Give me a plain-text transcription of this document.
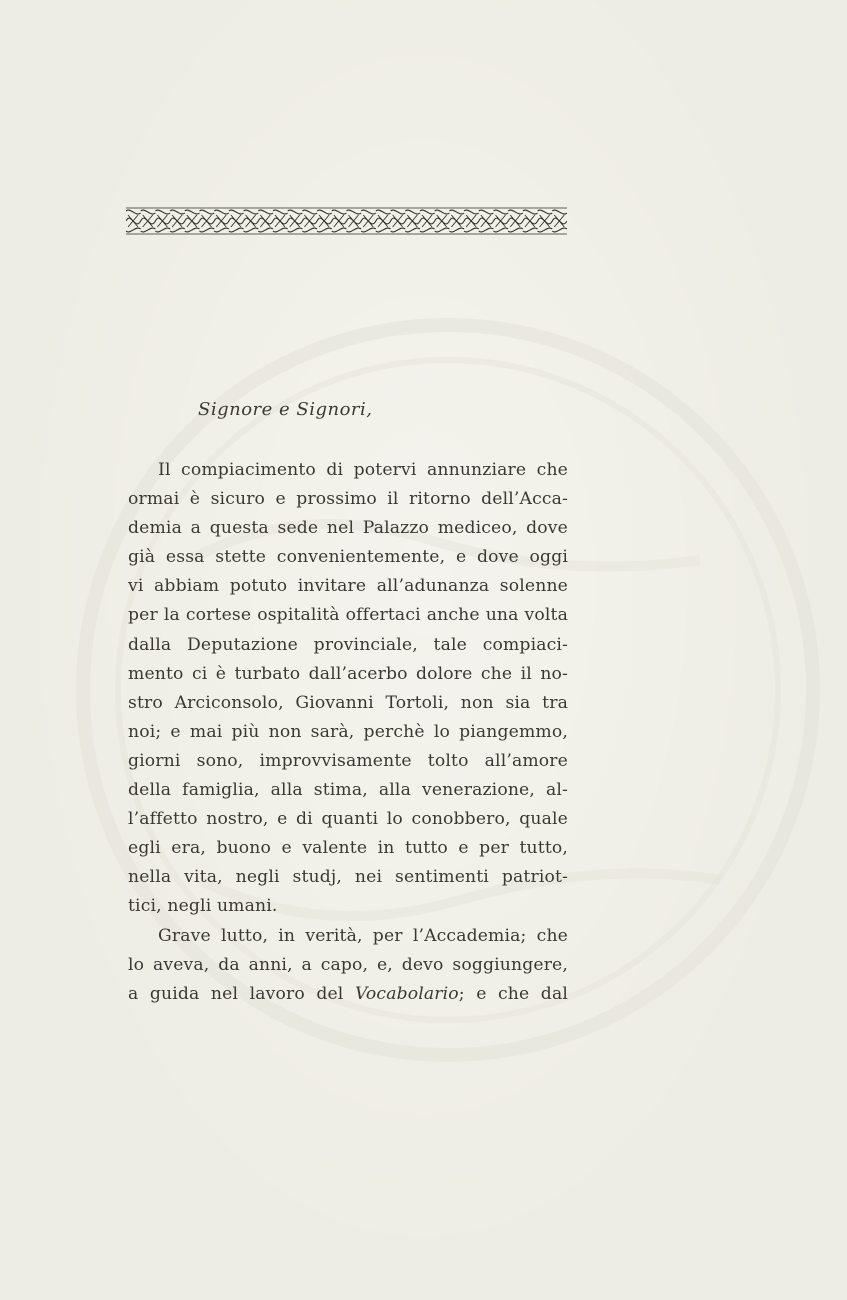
Signore e Signori,
Il compiacimento di potervi annunziare che
ormai è sicuro e prossimo il ritorno dell’Acca-
demia a questa sede nel Palazzo mediceo, dove
già essa stette convenientemente, e dove oggi
vi abbiam potuto invitare all’adunanza solenne
per la cortese ospitalità offertaci anche una volta
dalla Deputazione provinciale, tale compiaci-
mento ci è turbato dall’acerbo dolore che il no-
stro Arciconsolo, Giovanni Tortoli, non sia tra
noi; e mai più non sarà, perchè lo piangemmo,
giorni sono, improvvisamente tolto all’amore
della famiglia, alla stima, alla venerazione, al-
l’affetto nostro, e di quanti lo conobbero, quale
egli era, buono e valente in tutto e per tutto,
nella vita, negli studj, nei sentimenti patriot-
tici, negli umani.
Grave lutto, in verità, per l’Accademia; che
lo aveva, da anni, a capo, e, devo soggiungere,
a guida nel lavoro del Vocabolario; e che dal
